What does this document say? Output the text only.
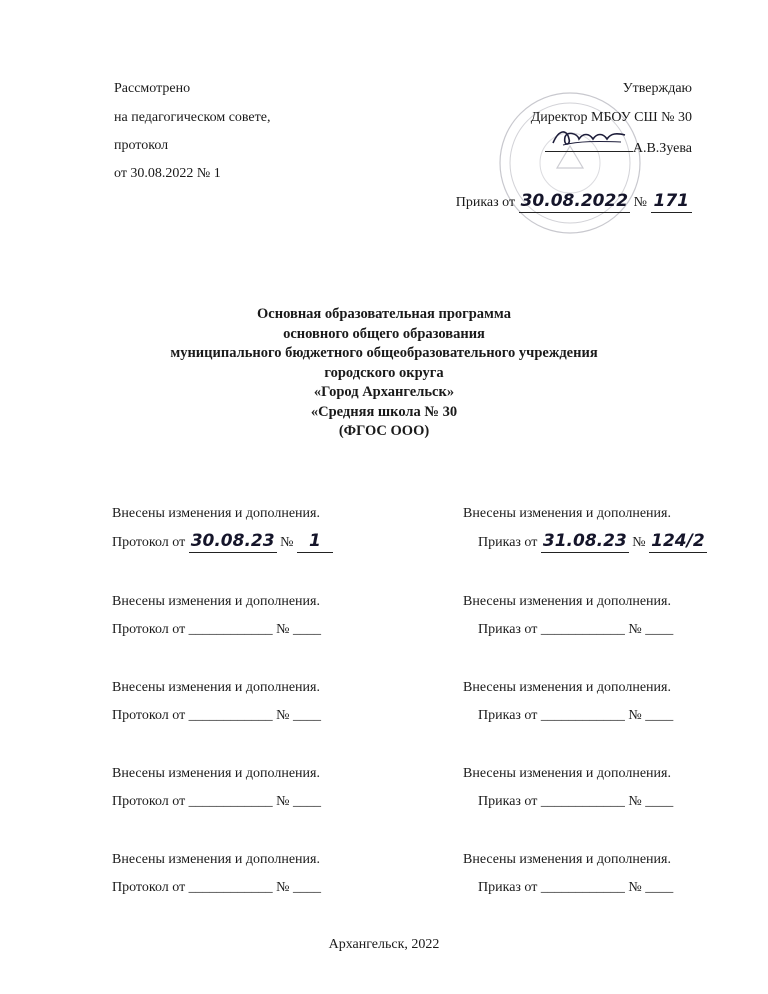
Рассмотрено
на педагогическом совете,
протокол
от 30.08.2022 № 1
Утверждаю
Директор МБОУ СШ № 30
А.В.Зуева
Приказ от 30.08.2022 № 171
Основная образовательная программа
основного общего образования
муниципального бюджетного общеобразовательного учреждения
городского округа
«Город Архангельск»
«Средняя школа № 30
(ФГОС ООО)
Внесены изменения и дополнения.
Протокол от 30.08.23 № 1
Внесены изменения и дополнения.
Приказ от 31.08.23 № 124/2
Внесены изменения и дополнения.
Протокол от ____________ № ____
Внесены изменения и дополнения.
Приказ от ____________ № ____
Внесены изменения и дополнения.
Протокол от ____________ № ____
Внесены изменения и дополнения.
Приказ от ____________ № ____
Внесены изменения и дополнения.
Протокол от ____________ № ____
Внесены изменения и дополнения.
Приказ от ____________ № ____
Внесены изменения и дополнения.
Протокол от ____________ № ____
Внесены изменения и дополнения.
Приказ от ____________ № ____
Архангельск, 2022
